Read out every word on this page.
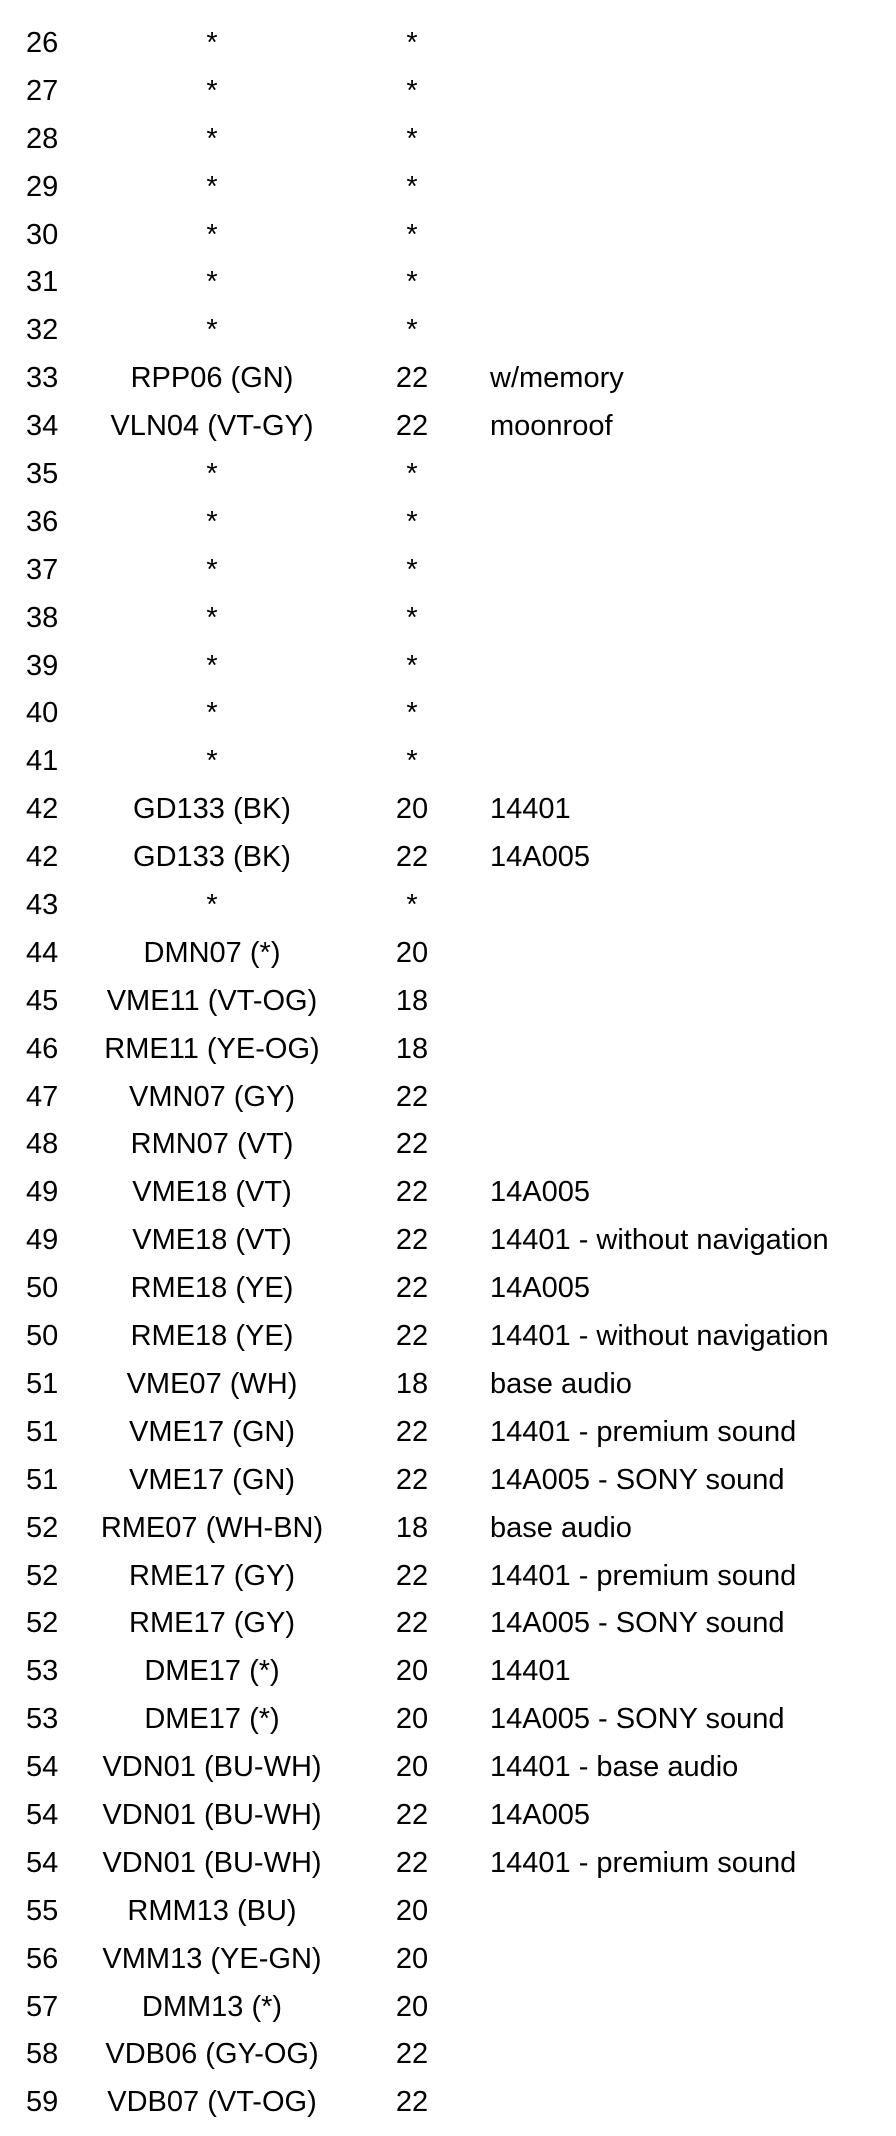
26	*	*
27	*	*
28	*	*
29	*	*
30	*	*
31	*	*
32	*	*
33	RPP06 (GN)	22	w/memory
34	VLN04 (VT-GY)	22	moonroof
35	*	*
36	*	*
37	*	*
38	*	*
39	*	*
40	*	*
41	*	*
42	GD133 (BK)	20	14401
42	GD133 (BK)	22	14A005
43	*	*
44	DMN07 (*)	20
45	VME11 (VT-OG)	18
46	RME11 (YE-OG)	18
47	VMN07 (GY)	22
48	RMN07 (VT)	22
49	VME18 (VT)	22	14A005
49	VME18 (VT)	22	14401 - without navigation
50	RME18 (YE)	22	14A005
50	RME18 (YE)	22	14401 - without navigation
51	VME07 (WH)	18	base audio
51	VME17 (GN)	22	14401 - premium sound
51	VME17 (GN)	22	14A005 - SONY sound
52	RME07 (WH-BN)	18	base audio
52	RME17 (GY)	22	14401 - premium sound
52	RME17 (GY)	22	14A005 - SONY sound
53	DME17 (*)	20	14401
53	DME17 (*)	20	14A005 - SONY sound
54	VDN01 (BU-WH)	20	14401 - base audio
54	VDN01 (BU-WH)	22	14A005
54	VDN01 (BU-WH)	22	14401 - premium sound
55	RMM13 (BU)	20
56	VMM13 (YE-GN)	20
57	DMM13 (*)	20
58	VDB06 (GY-OG)	22
59	VDB07 (VT-OG)	22
